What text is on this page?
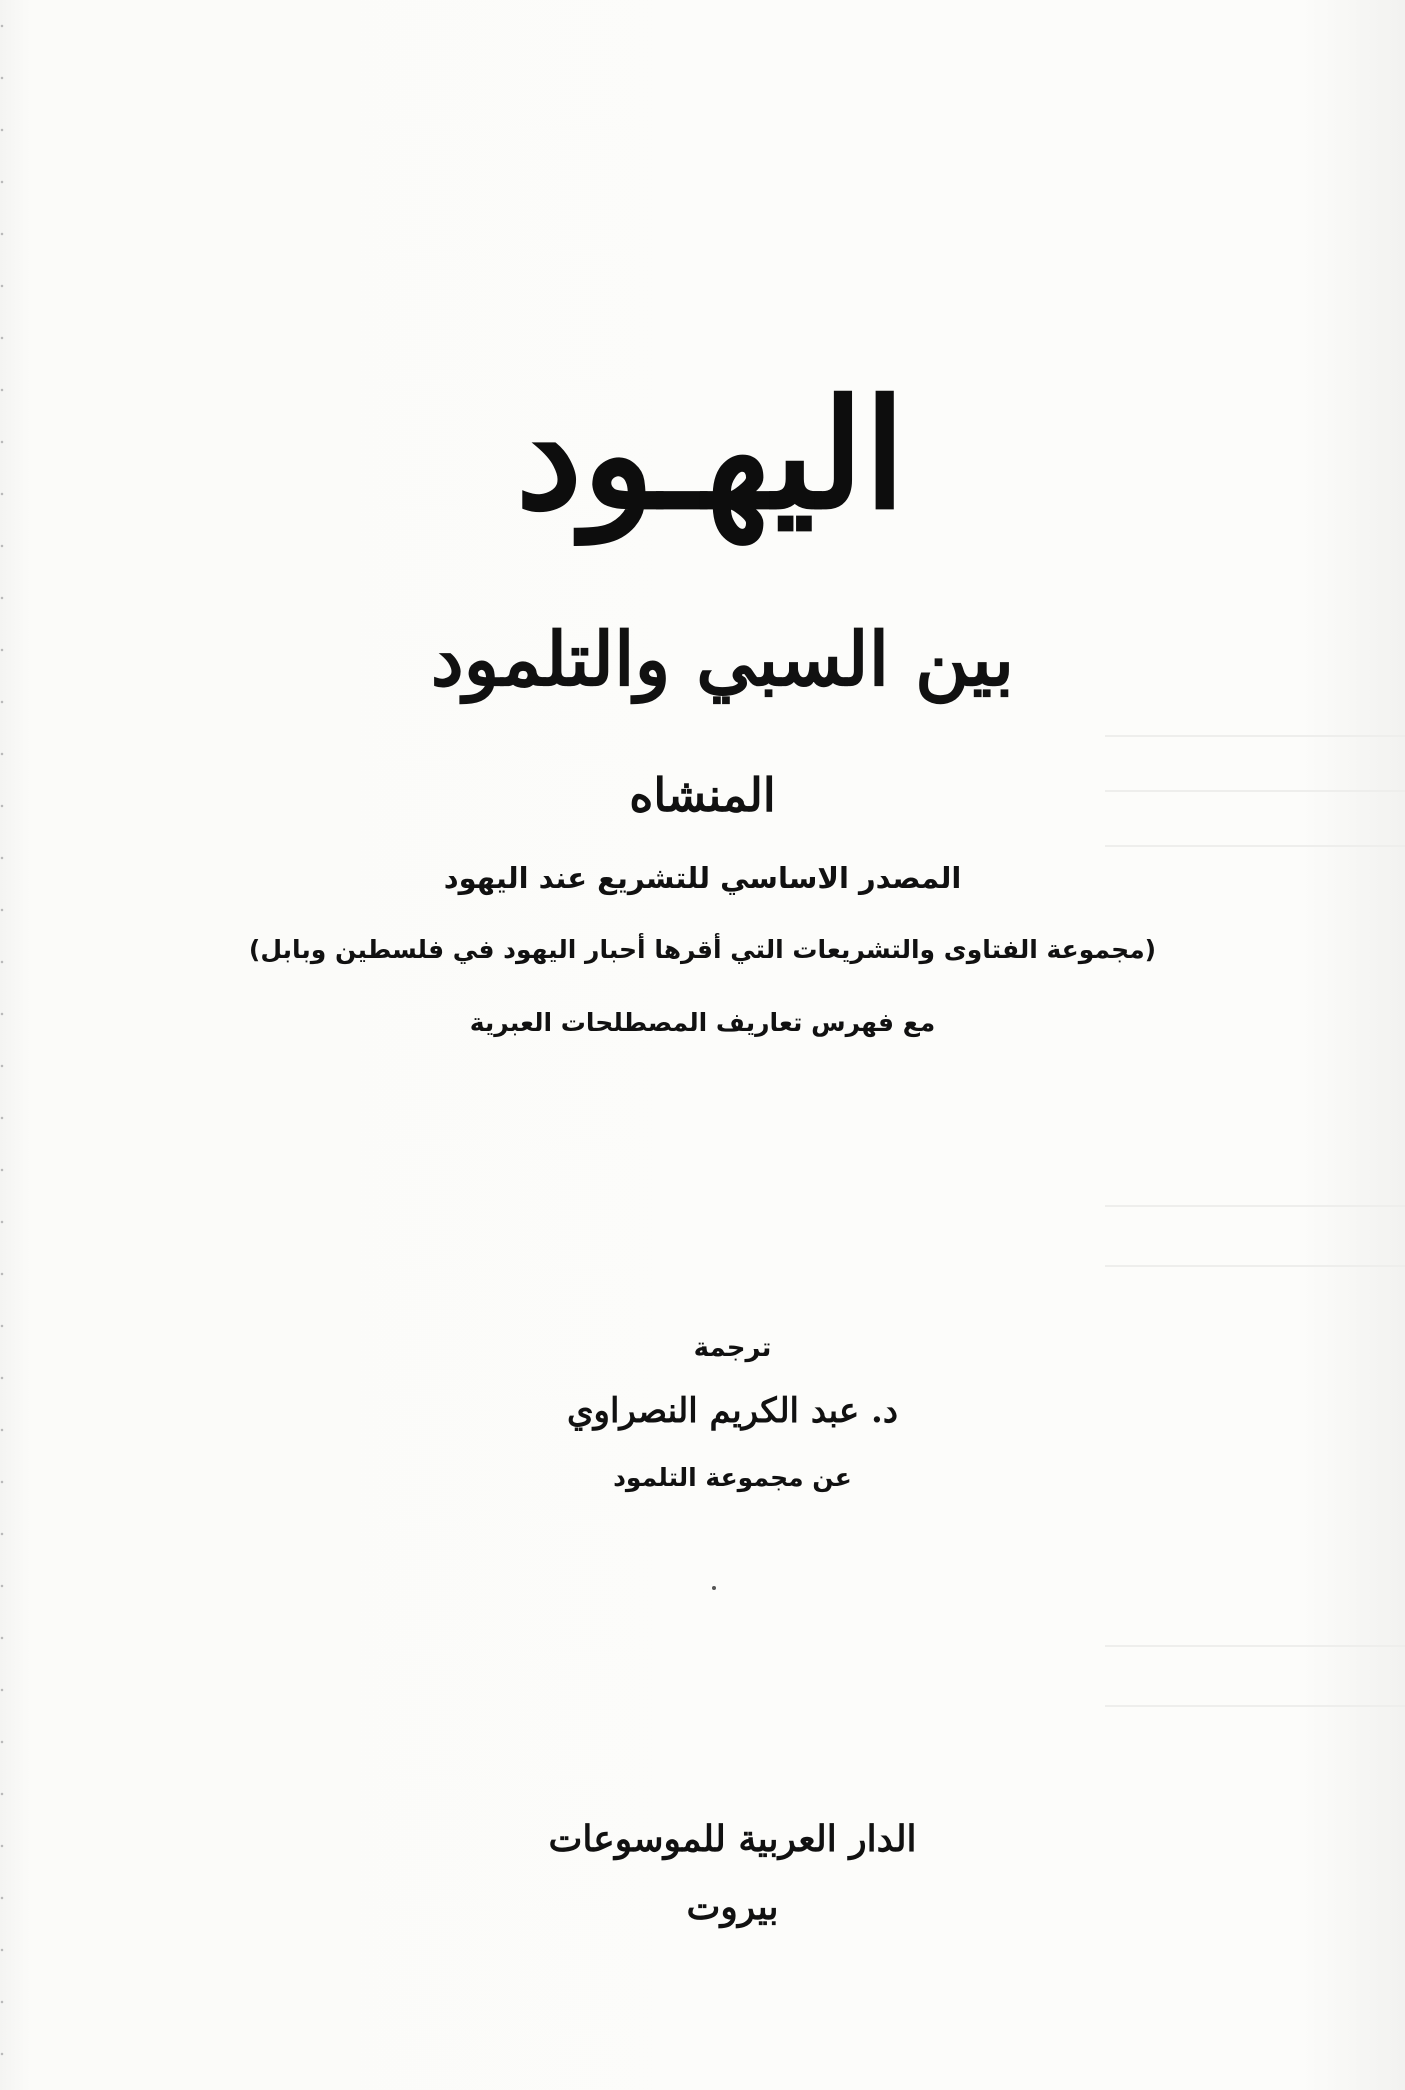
اليهـود
بين السبي والتلمود
المنشاه
المصدر الاساسي للتشريع عند اليهود
(مجموعة الفتاوى والتشريعات التي أقرها أحبار اليهود في فلسطين وبابل)
مع فهرس تعاريف المصطلحات العبرية
ترجمة
د. عبد الكريم النصراوي
عن مجموعة التلمود
الدار العربية للموسوعات
بيروت
